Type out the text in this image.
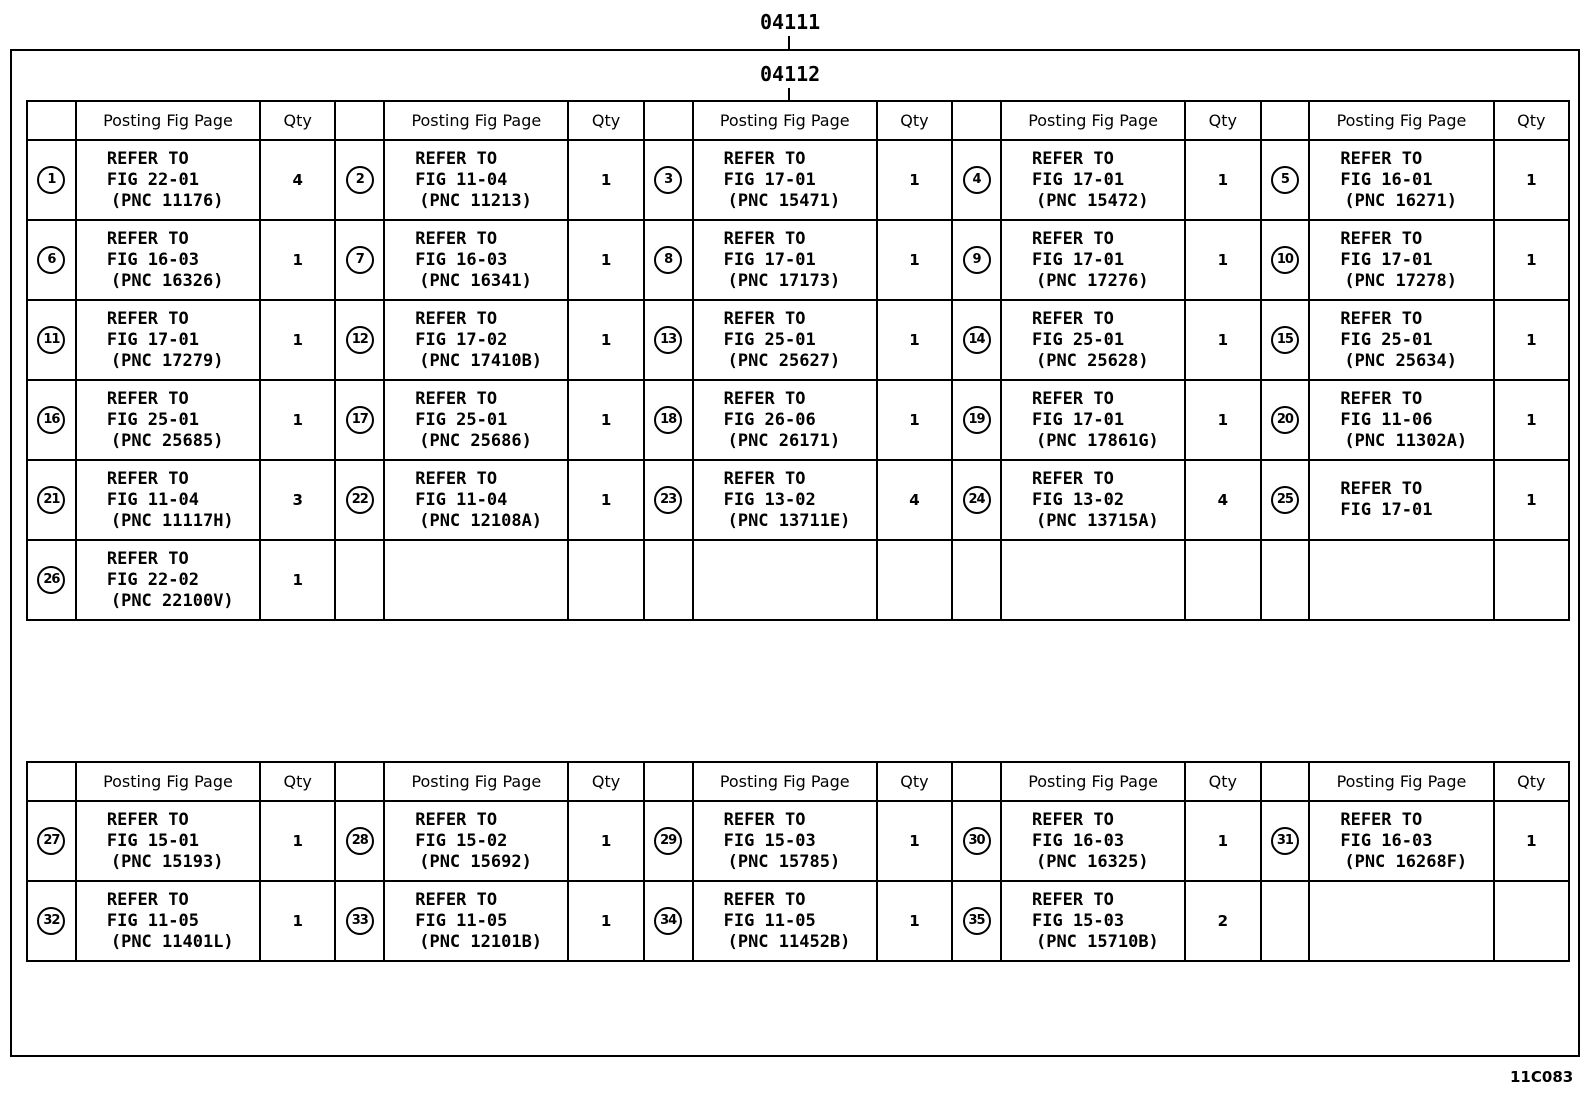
04111
04112
	Posting Fig Page	Qty		Posting Fig Page	Qty		Posting Fig Page	Qty		Posting Fig Page	Qty		Posting Fig Page	Qty
1	REFER TO
FIG 22-01
(PNC 11176)	4	2	REFER TO
FIG 11-04
(PNC 11213)	1	3	REFER TO
FIG 17-01
(PNC 15471)	1	4	REFER TO
FIG 17-01
(PNC 15472)	1	5	REFER TO
FIG 16-01
(PNC 16271)	1
6	REFER TO
FIG 16-03
(PNC 16326)	1	7	REFER TO
FIG 16-03
(PNC 16341)	1	8	REFER TO
FIG 17-01
(PNC 17173)	1	9	REFER TO
FIG 17-01
(PNC 17276)	1	10	REFER TO
FIG 17-01
(PNC 17278)	1
11	REFER TO
FIG 17-01
(PNC 17279)	1	12	REFER TO
FIG 17-02
(PNC 17410B)	1	13	REFER TO
FIG 25-01
(PNC 25627)	1	14	REFER TO
FIG 25-01
(PNC 25628)	1	15	REFER TO
FIG 25-01
(PNC 25634)	1
16	REFER TO
FIG 25-01
(PNC 25685)	1	17	REFER TO
FIG 25-01
(PNC 25686)	1	18	REFER TO
FIG 26-06
(PNC 26171)	1	19	REFER TO
FIG 17-01
(PNC 17861G)	1	20	REFER TO
FIG 11-06
(PNC 11302A)	1
21	REFER TO
FIG 11-04
(PNC 11117H)	3	22	REFER TO
FIG 11-04
(PNC 12108A)	1	23	REFER TO
FIG 13-02
(PNC 13711E)	4	24	REFER TO
FIG 13-02
(PNC 13715A)	4	25	REFER TO
FIG 17-01	1
26	REFER TO
FIG 22-02
(PNC 22100V)	1												
	Posting Fig Page	Qty		Posting Fig Page	Qty		Posting Fig Page	Qty		Posting Fig Page	Qty		Posting Fig Page	Qty
27	REFER TO
FIG 15-01
(PNC 15193)	1	28	REFER TO
FIG 15-02
(PNC 15692)	1	29	REFER TO
FIG 15-03
(PNC 15785)	1	30	REFER TO
FIG 16-03
(PNC 16325)	1	31	REFER TO
FIG 16-03
(PNC 16268F)	1
32	REFER TO
FIG 11-05
(PNC 11401L)	1	33	REFER TO
FIG 11-05
(PNC 12101B)	1	34	REFER TO
FIG 11-05
(PNC 11452B)	1	35	REFER TO
FIG 15-03
(PNC 15710B)	2			
11C083
